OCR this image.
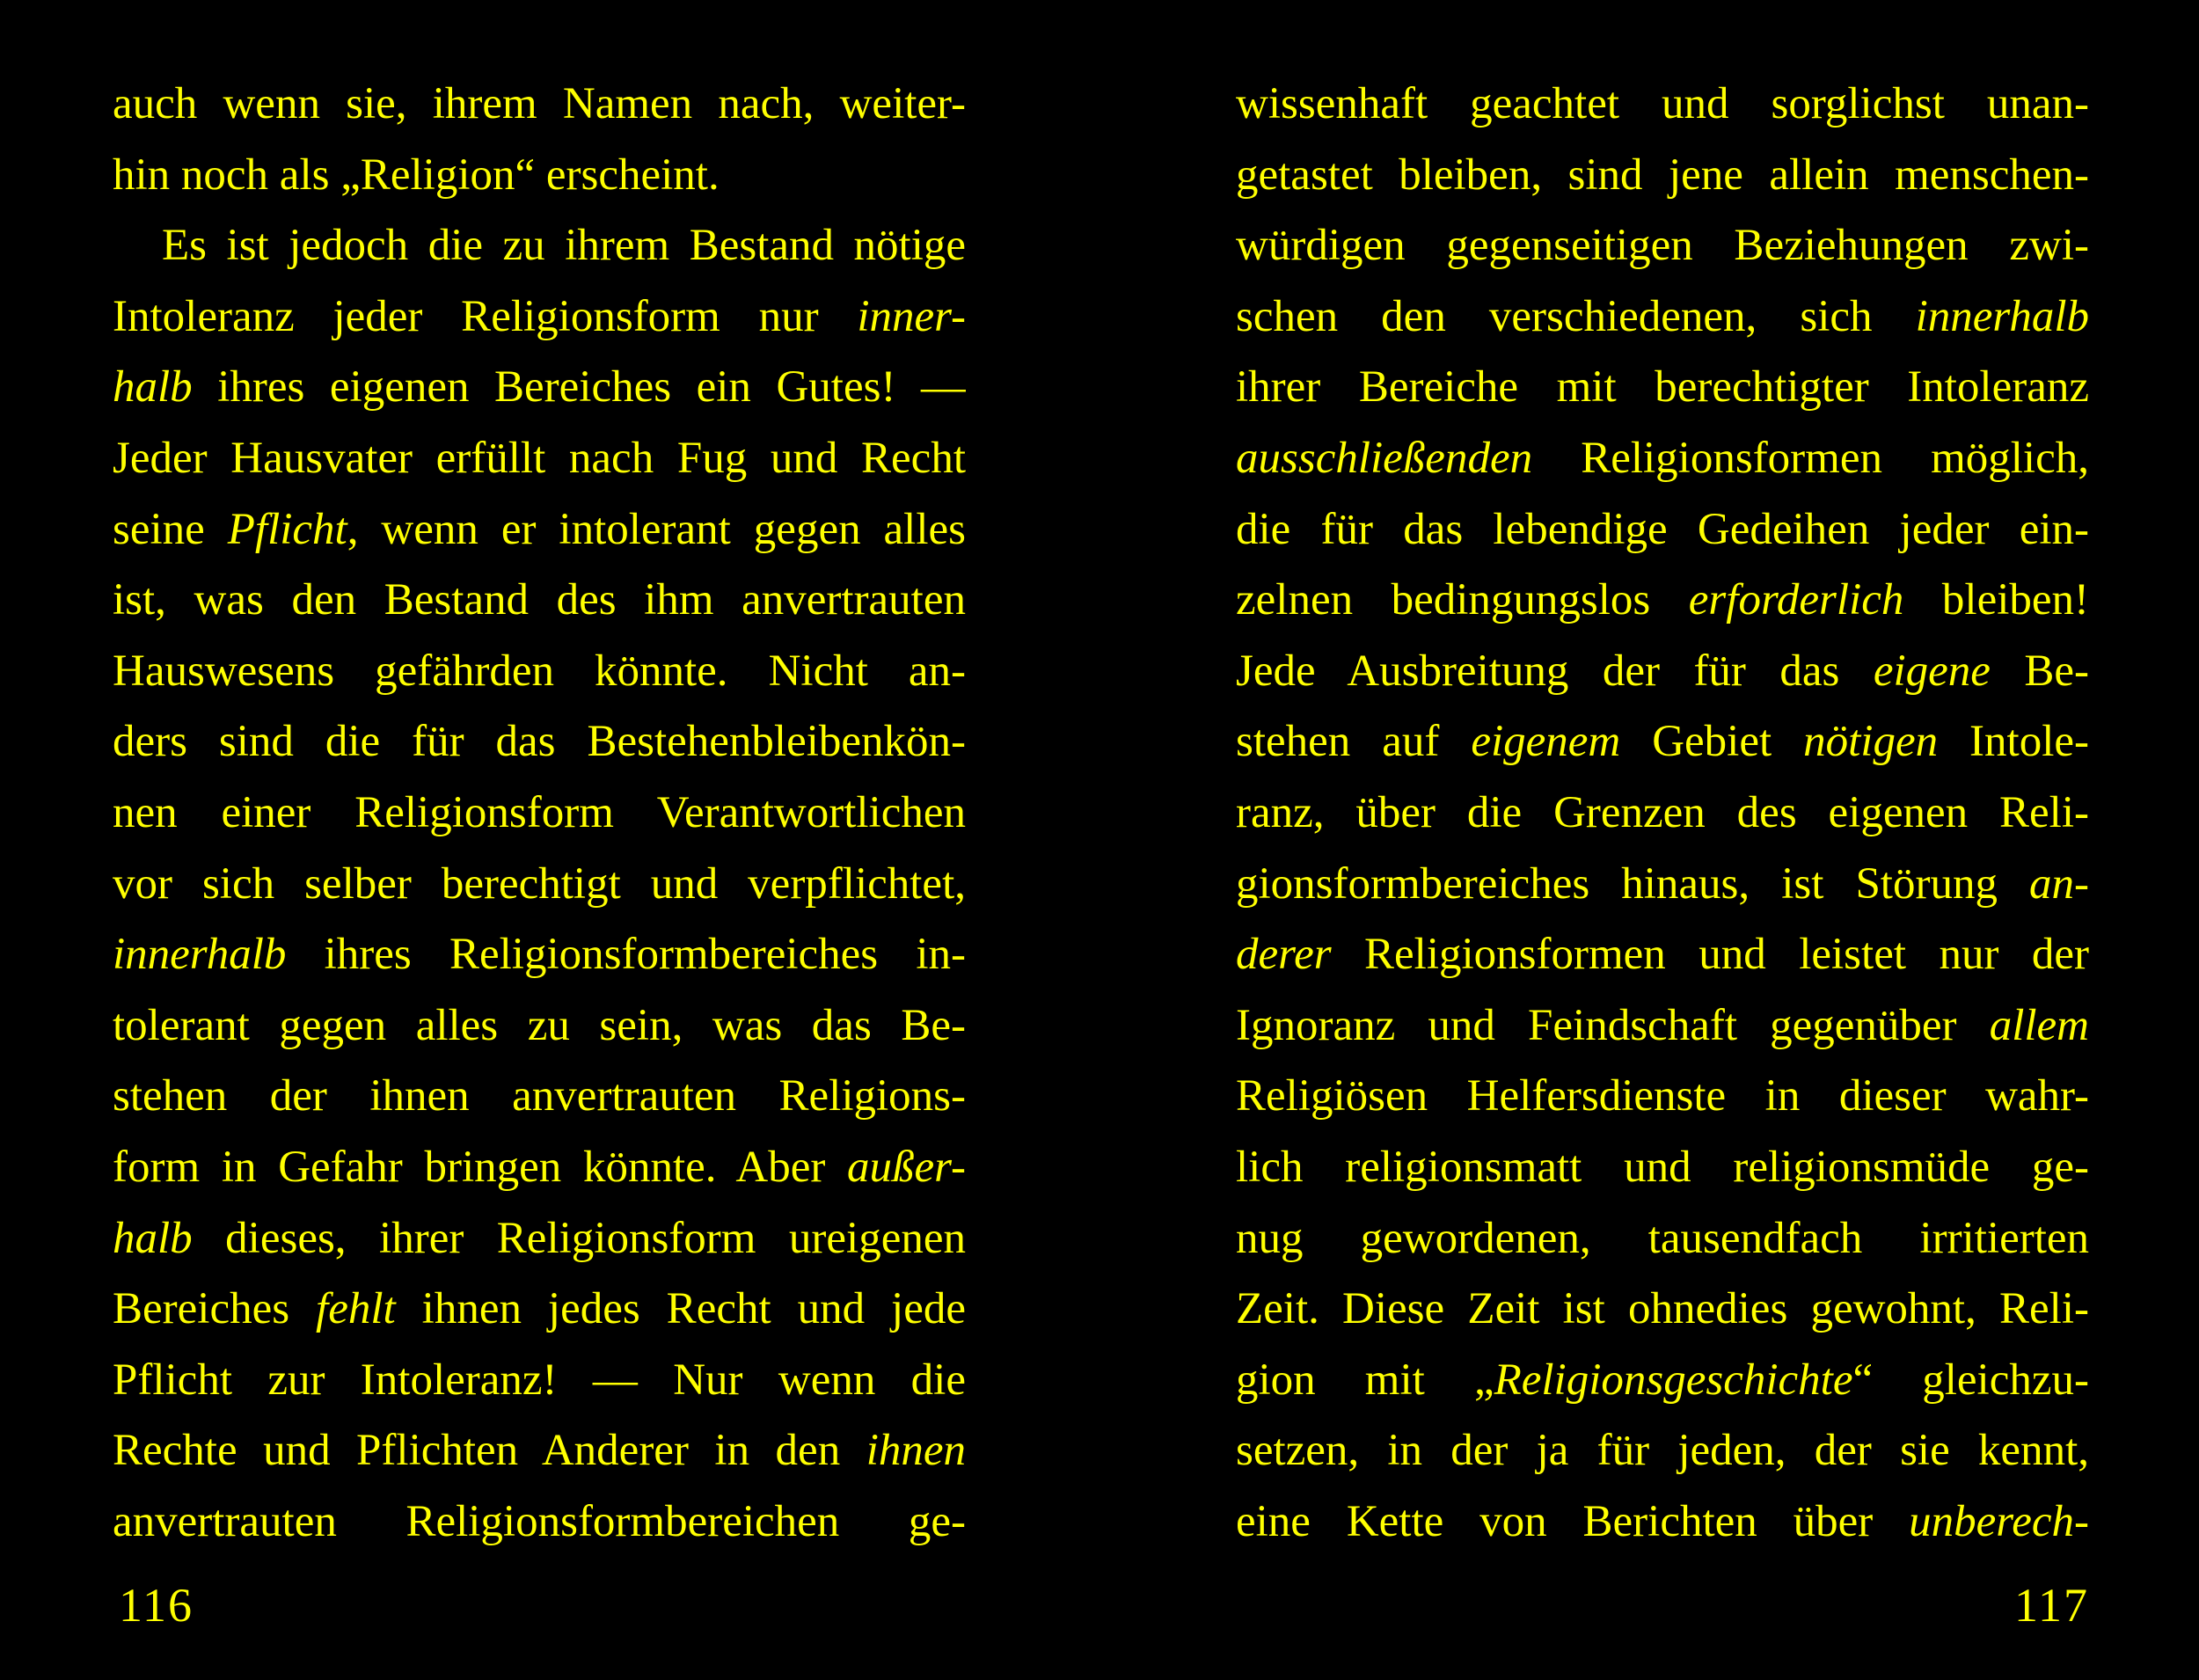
auch wenn sie, ihrem Namen nach, weiter-
hin noch als „Religion“ erscheint.
Es ist jedoch die zu ihrem Bestand nötige
Intoleranz jeder Religionsform nur inner-
halb ihres eigenen Bereiches ein Gutes! —
Jeder Hausvater erfüllt nach Fug und Recht
seine Pflicht, wenn er intolerant gegen alles
ist, was den Bestand des ihm anvertrauten
Hauswesens gefährden könnte. Nicht an-
ders sind die für das Bestehenbleibenkön-
nen einer Religionsform Verantwortlichen
vor sich selber berechtigt und verpflichtet,
innerhalb ihres Religionsformbereiches in-
tolerant gegen alles zu sein, was das Be-
stehen der ihnen anvertrauten Religions-
form in Gefahr bringen könnte. Aber außer-
halb dieses, ihrer Religionsform ureigenen
Bereiches fehlt ihnen jedes Recht und jede
Pflicht zur Intoleranz! — Nur wenn die
Rechte und Pflichten Anderer in den ihnen
anvertrauten Religionsformbereichen ge-
116
wissenhaft geachtet und sorglichst unan-
getastet bleiben, sind jene allein menschen-
würdigen gegenseitigen Beziehungen zwi-
schen den verschiedenen, sich innerhalb
ihrer Bereiche mit berechtigter Intoleranz
ausschließenden Religionsformen möglich,
die für das lebendige Gedeihen jeder ein-
zelnen bedingungslos erforderlich bleiben!
Jede Ausbreitung der für das eigene Be-
stehen auf eigenem Gebiet nötigen Intole-
ranz, über die Grenzen des eigenen Reli-
gionsformbereiches hinaus, ist Störung an-
derer Religionsformen und leistet nur der
Ignoranz und Feindschaft gegenüber allem
Religiösen Helfersdienste in dieser wahr-
lich religionsmatt und religionsmüde ge-
nug gewordenen, tausendfach irritierten
Zeit. Diese Zeit ist ohnedies gewohnt, Reli-
gion mit „Religionsgeschichte“ gleichzu-
setzen, in der ja für jeden, der sie kennt,
eine Kette von Berichten über unberech-
117
